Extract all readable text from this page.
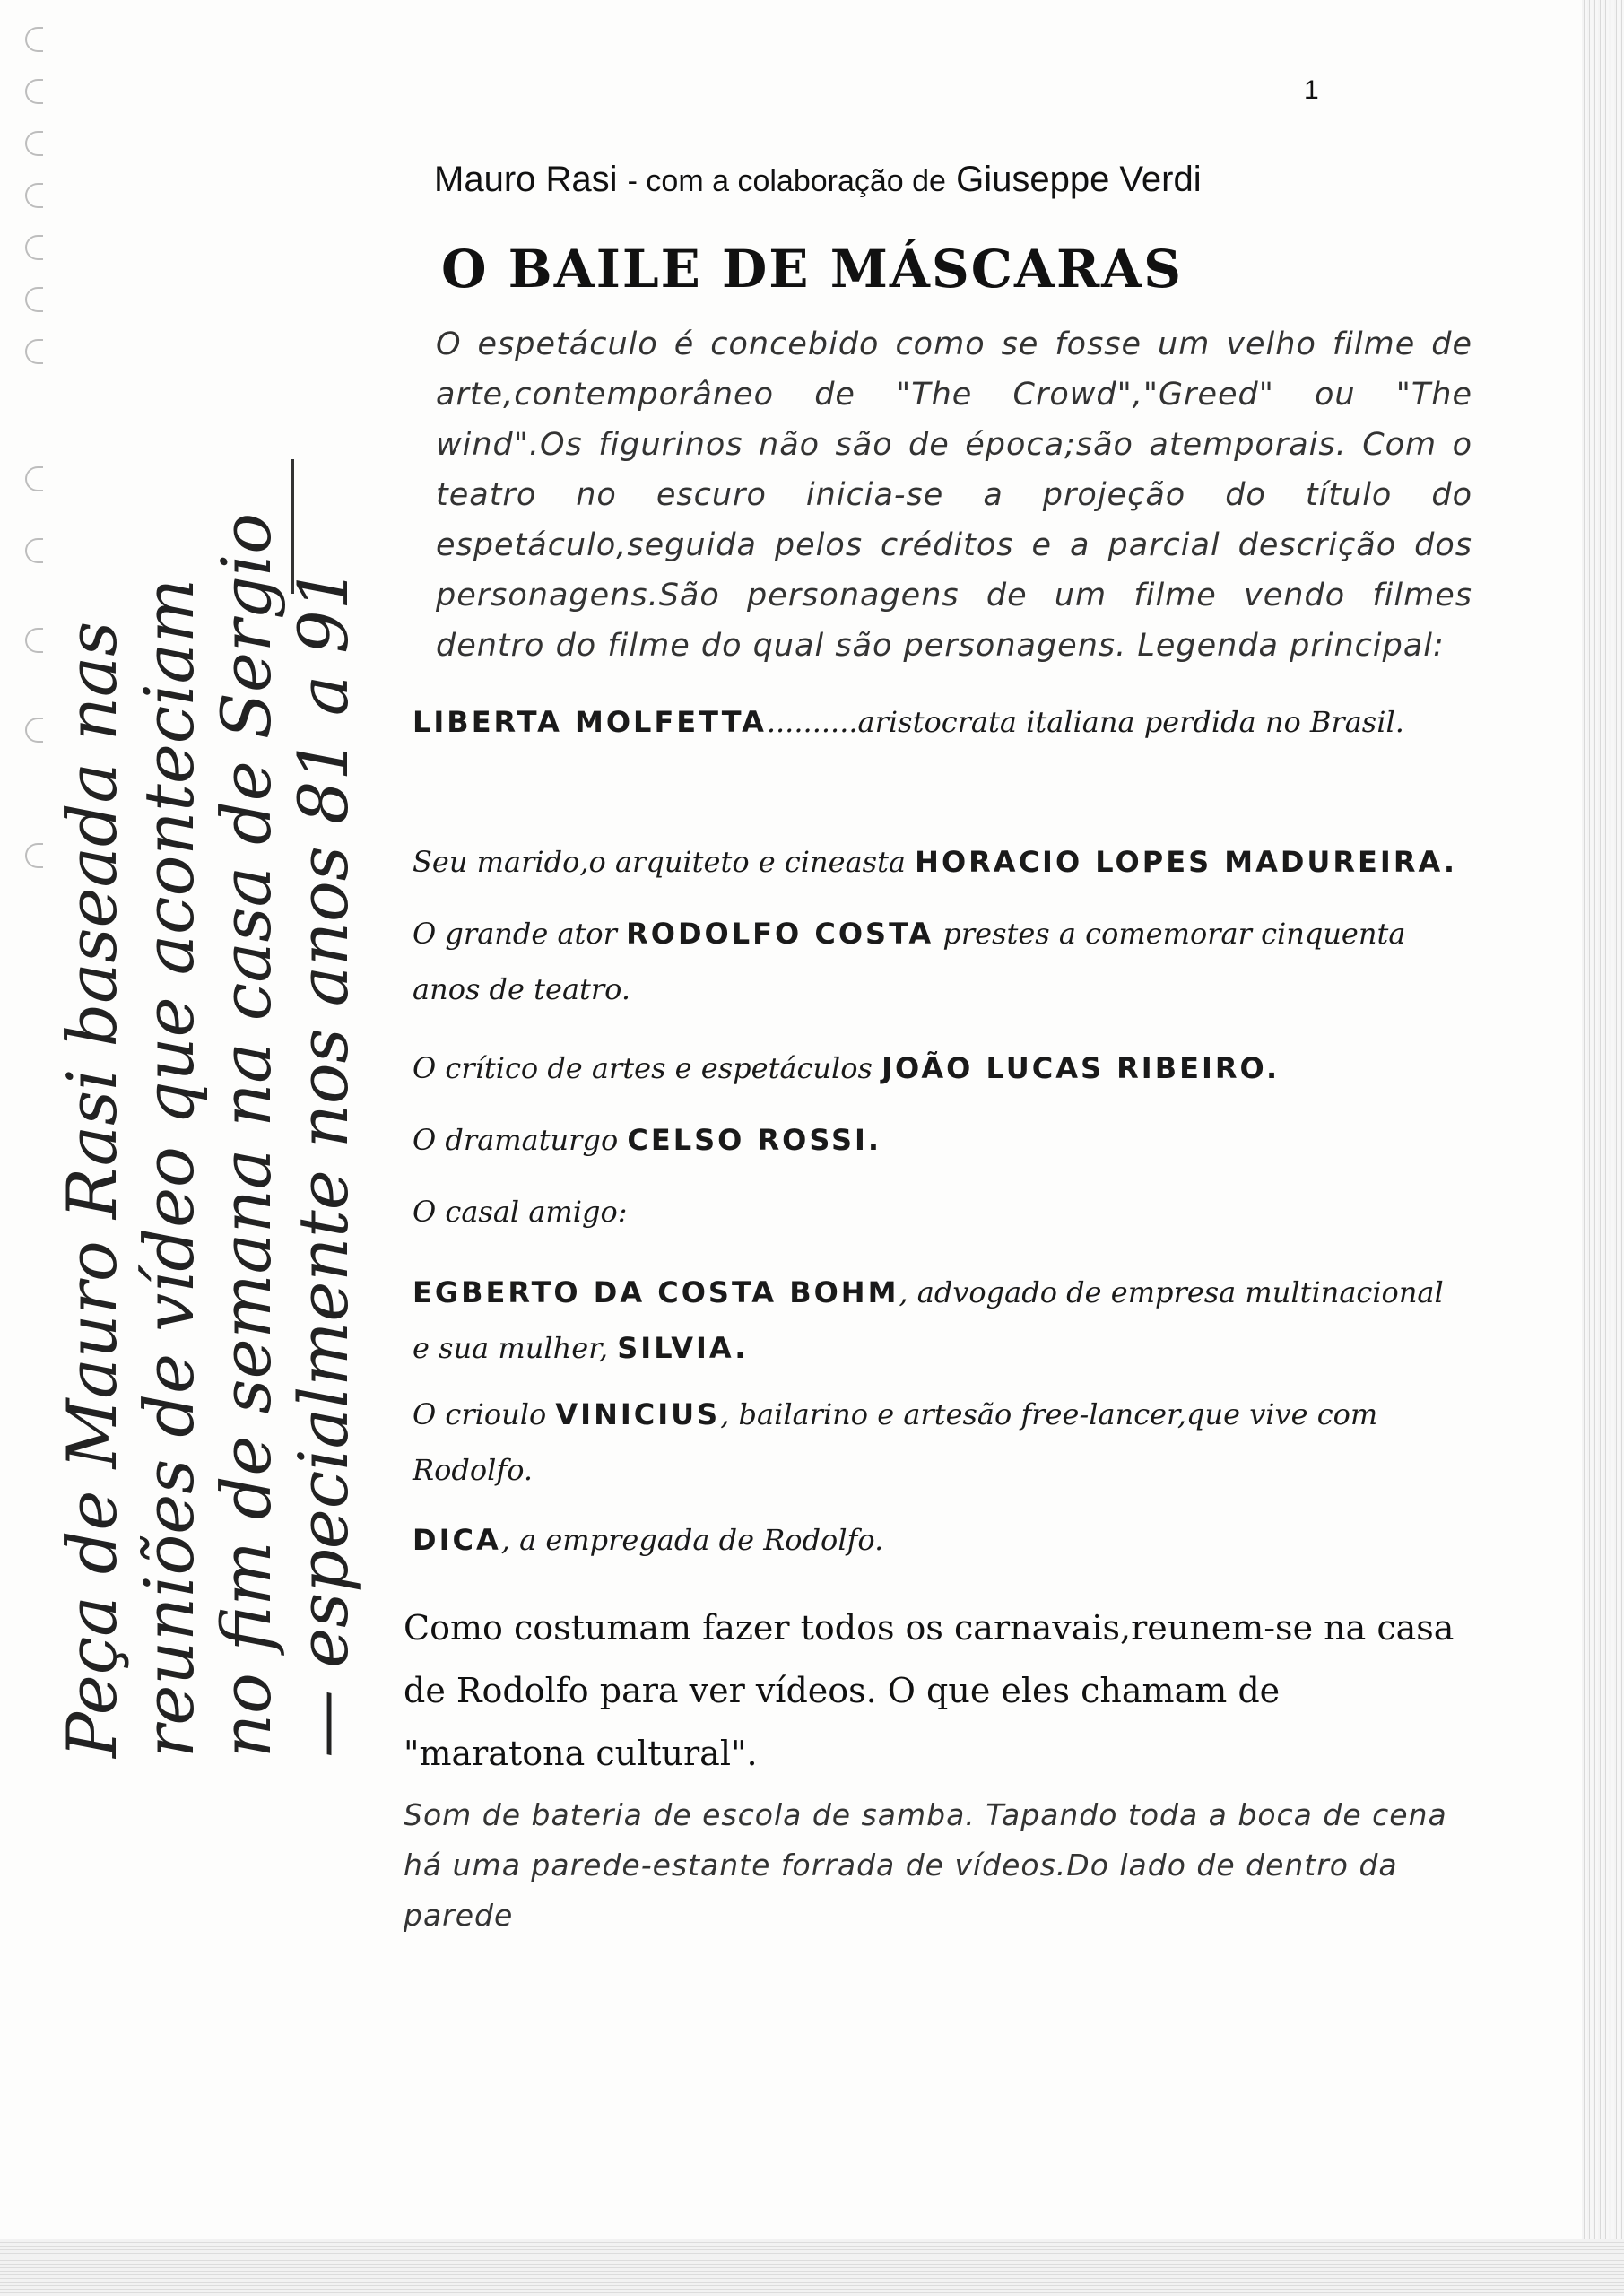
1
Mauro Rasi - com a colaboração de Giuseppe Verdi
O BAILE DE MÁSCARAS
O espetáculo é concebido como se fosse um velho filme de arte,contemporâneo de "The Crowd","Greed" ou "The wind".Os figurinos não são de época;são atemporais. Com o teatro no escuro inicia-se a projeção do título do espetáculo,seguida pelos créditos e a parcial descrição dos personagens.São personagens de um filme vendo filmes dentro do filme do qual são personagens. Legenda principal:
LIBERTA MOLFETTA..........aristocrata italiana perdida no Brasil.
Seu marido,o arquiteto e cineasta HORACIO LOPES MADUREIRA.
O grande ator RODOLFO COSTA prestes a comemorar cinquenta anos de teatro.
O crítico de artes e espetáculos JOÃO LUCAS RIBEIRO.
O dramaturgo CELSO ROSSI.
O casal amigo:
EGBERTO DA COSTA BOHM, advogado de empresa multinacional e sua mulher, SILVIA.
O crioulo VINICIUS, bailarino e artesão free-lancer,que vive com Rodolfo.
DICA, a empregada de Rodolfo.
Como costumam fazer todos os carnavais,reunem-se na casa de Rodolfo para ver vídeos. O que eles chamam de "maratona cultural".
Som de bateria de escola de samba. Tapando toda a boca de cena há uma parede-estante forrada de vídeos.Do lado de dentro da parede
Peça de Mauro Rasi baseada nas reuniões de vídeo que aconteciam no fim de semana na casa de Sergio — especialmente nos anos 81 a 91
